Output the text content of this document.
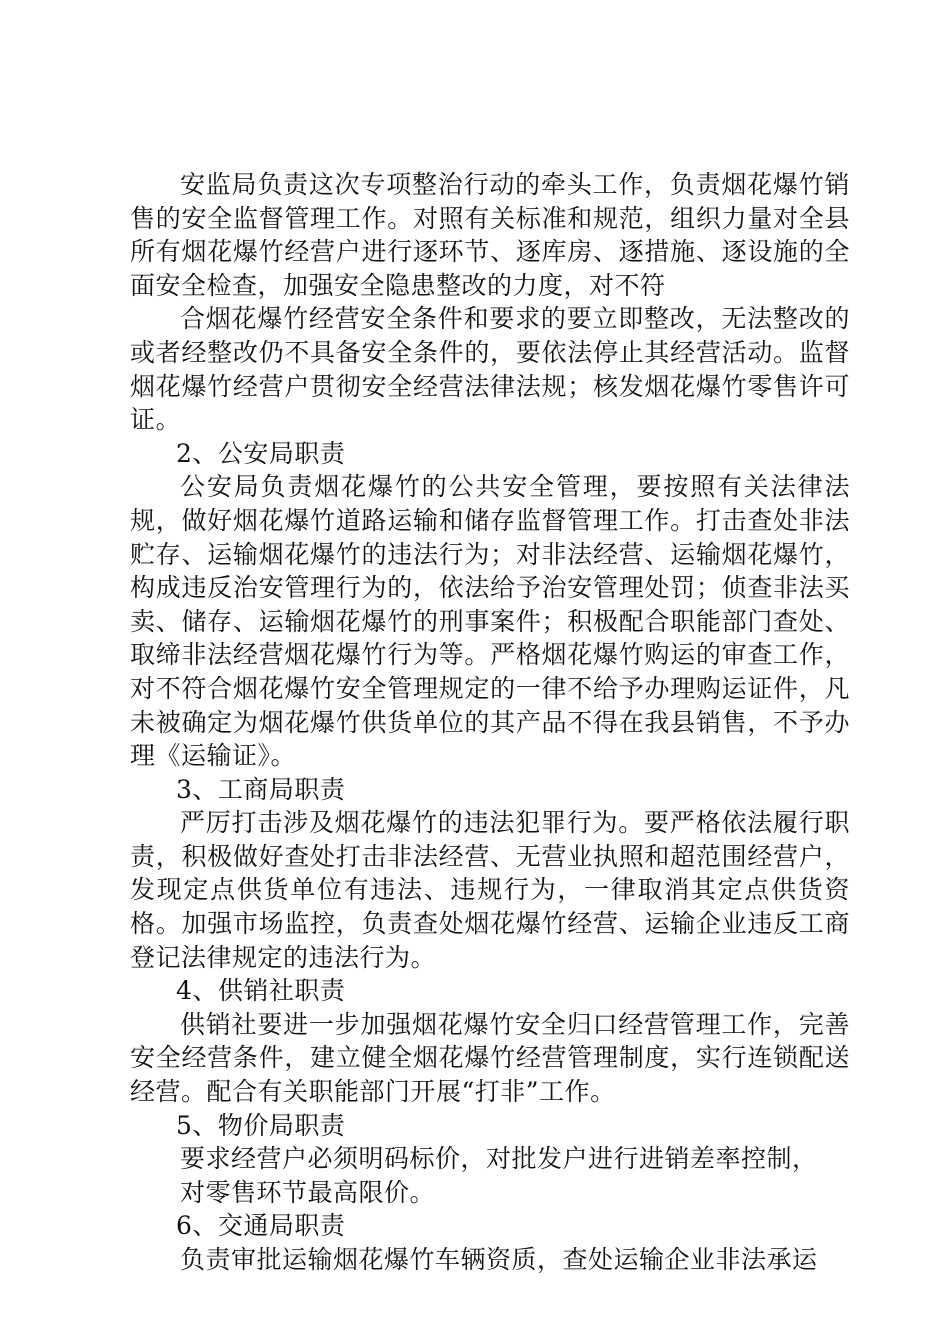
安监局负责这次专项整治行动的牵头工作，负责烟花爆竹销售的安全监督管理工作。对照有关标准和规范，组织力量对全县所有烟花爆竹经营户进行逐环节、逐库房、逐措施、逐设施的全面安全检查，加强安全隐患整改的力度，对不符

合烟花爆竹经营安全条件和要求的要立即整改，无法整改的或者经整改仍不具备安全条件的，要依法停止其经营活动。监督烟花爆竹经营户贯彻安全经营法律法规；核发烟花爆竹零售许可证。

2、公安局职责

公安局负责烟花爆竹的公共安全管理，要按照有关法律法规，做好烟花爆竹道路运输和储存监督管理工作。打击查处非法贮存、运输烟花爆竹的违法行为；对非法经营、运输烟花爆竹，构成违反治安管理行为的，依法给予治安管理处罚；侦查非法买卖、储存、运输烟花爆竹的刑事案件；积极配合职能部门查处、取缔非法经营烟花爆竹行为等。严格烟花爆竹购运的审查工作，对不符合烟花爆竹安全管理规定的一律不给予办理购运证件，凡未被确定为烟花爆竹供货单位的其产品不得在我县销售，不予办理《运输证》。

3、工商局职责

严厉打击涉及烟花爆竹的违法犯罪行为。要严格依法履行职责，积极做好查处打击非法经营、无营业执照和超范围经营户，发现定点供货单位有违法、违规行为，一律取消其定点供货资格。加强市场监控，负责查处烟花爆竹经营、运输企业违反工商登记法律规定的违法行为。

4、供销社职责

供销社要进一步加强烟花爆竹安全归口经营管理工作，完善安全经营条件，建立健全烟花爆竹经营管理制度，实行连锁配送经营。配合有关职能部门开展“打非”工作。

5、物价局职责

要求经营户必须明码标价，对批发户进行进销差率控制，

对零售环节最高限价。

6、交通局职责

负责审批运输烟花爆竹车辆资质，查处运输企业非法承运
